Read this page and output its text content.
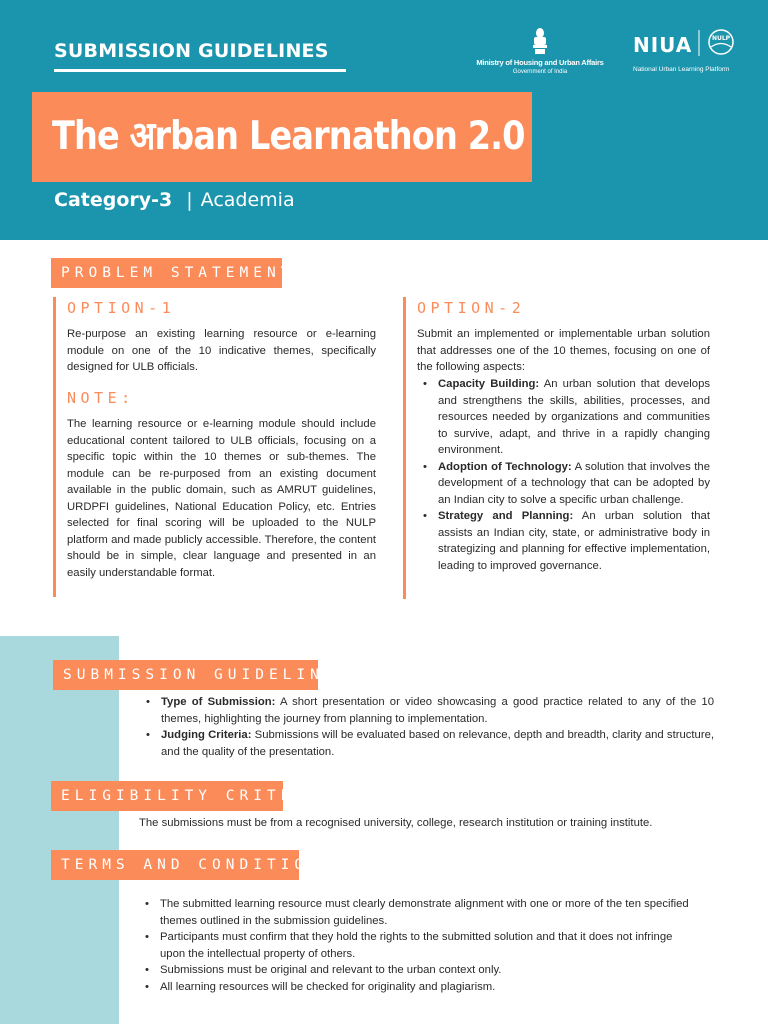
SUBMISSION GUIDELINES
Ministry of Housing and Urban Affairs
Government of India
NIUA	NULP
National Urban Learning Platform
The अrban Learnathon 2.0
Category-3 | Academia
PROBLEM STATEMENTS
OPTION-1

Re-purpose an existing learning resource or e-learning module on one of the 10 indicative themes, specifically designed for ULB officials.

NOTE:

The learning resource or e-learning module should include educational content tailored to ULB officials, focusing on a specific topic within the 10 themes or sub-themes. The module can be re-purposed from an existing document available in the public domain, such as AMRUT guidelines, URDPFI guidelines, National Education Policy, etc. Entries selected for final scoring will be uploaded to the NULP platform and made publicly accessible. Therefore, the content should be in simple, clear language and presented in an easily understandable format.

OPTION-2

Submit an implemented or implementable urban solution that addresses one of the 10 themes, focusing on one of the following aspects:

• Capacity Building: An urban solution that develops and strengthens the skills, abilities, processes, and resources needed by organizations and communities to survive, adapt, and thrive in a rapidly changing environment.
• Adoption of Technology: A solution that involves the development of a technology that can be adopted by an Indian city to solve a specific urban challenge.
• Strategy and Planning: An urban solution that assists an Indian city, state, or administrative body in strategizing and planning for effective implementation, leading to improved governance.
SUBMISSION GUIDELINES
• Type of Submission: A short presentation or video showcasing a good practice related to any of the 10 themes, highlighting the journey from planning to implementation.
• Judging Criteria: Submissions will be evaluated based on relevance, depth and breadth, clarity and structure, and the quality of the presentation.
ELIGIBILITY CRITERIA

The submissions must be from a recognised university, college, research institution or training institute.

TERMS AND CONDITIONS
• The submitted learning resource must clearly demonstrate alignment with one or more of the ten specified themes outlined in the submission guidelines.
• Participants must confirm that they hold the rights to the submitted solution and that it does not infringe upon the intellectual property of others.
• Submissions must be original and relevant to the urban context only.
• All learning resources will be checked for originality and plagiarism.
